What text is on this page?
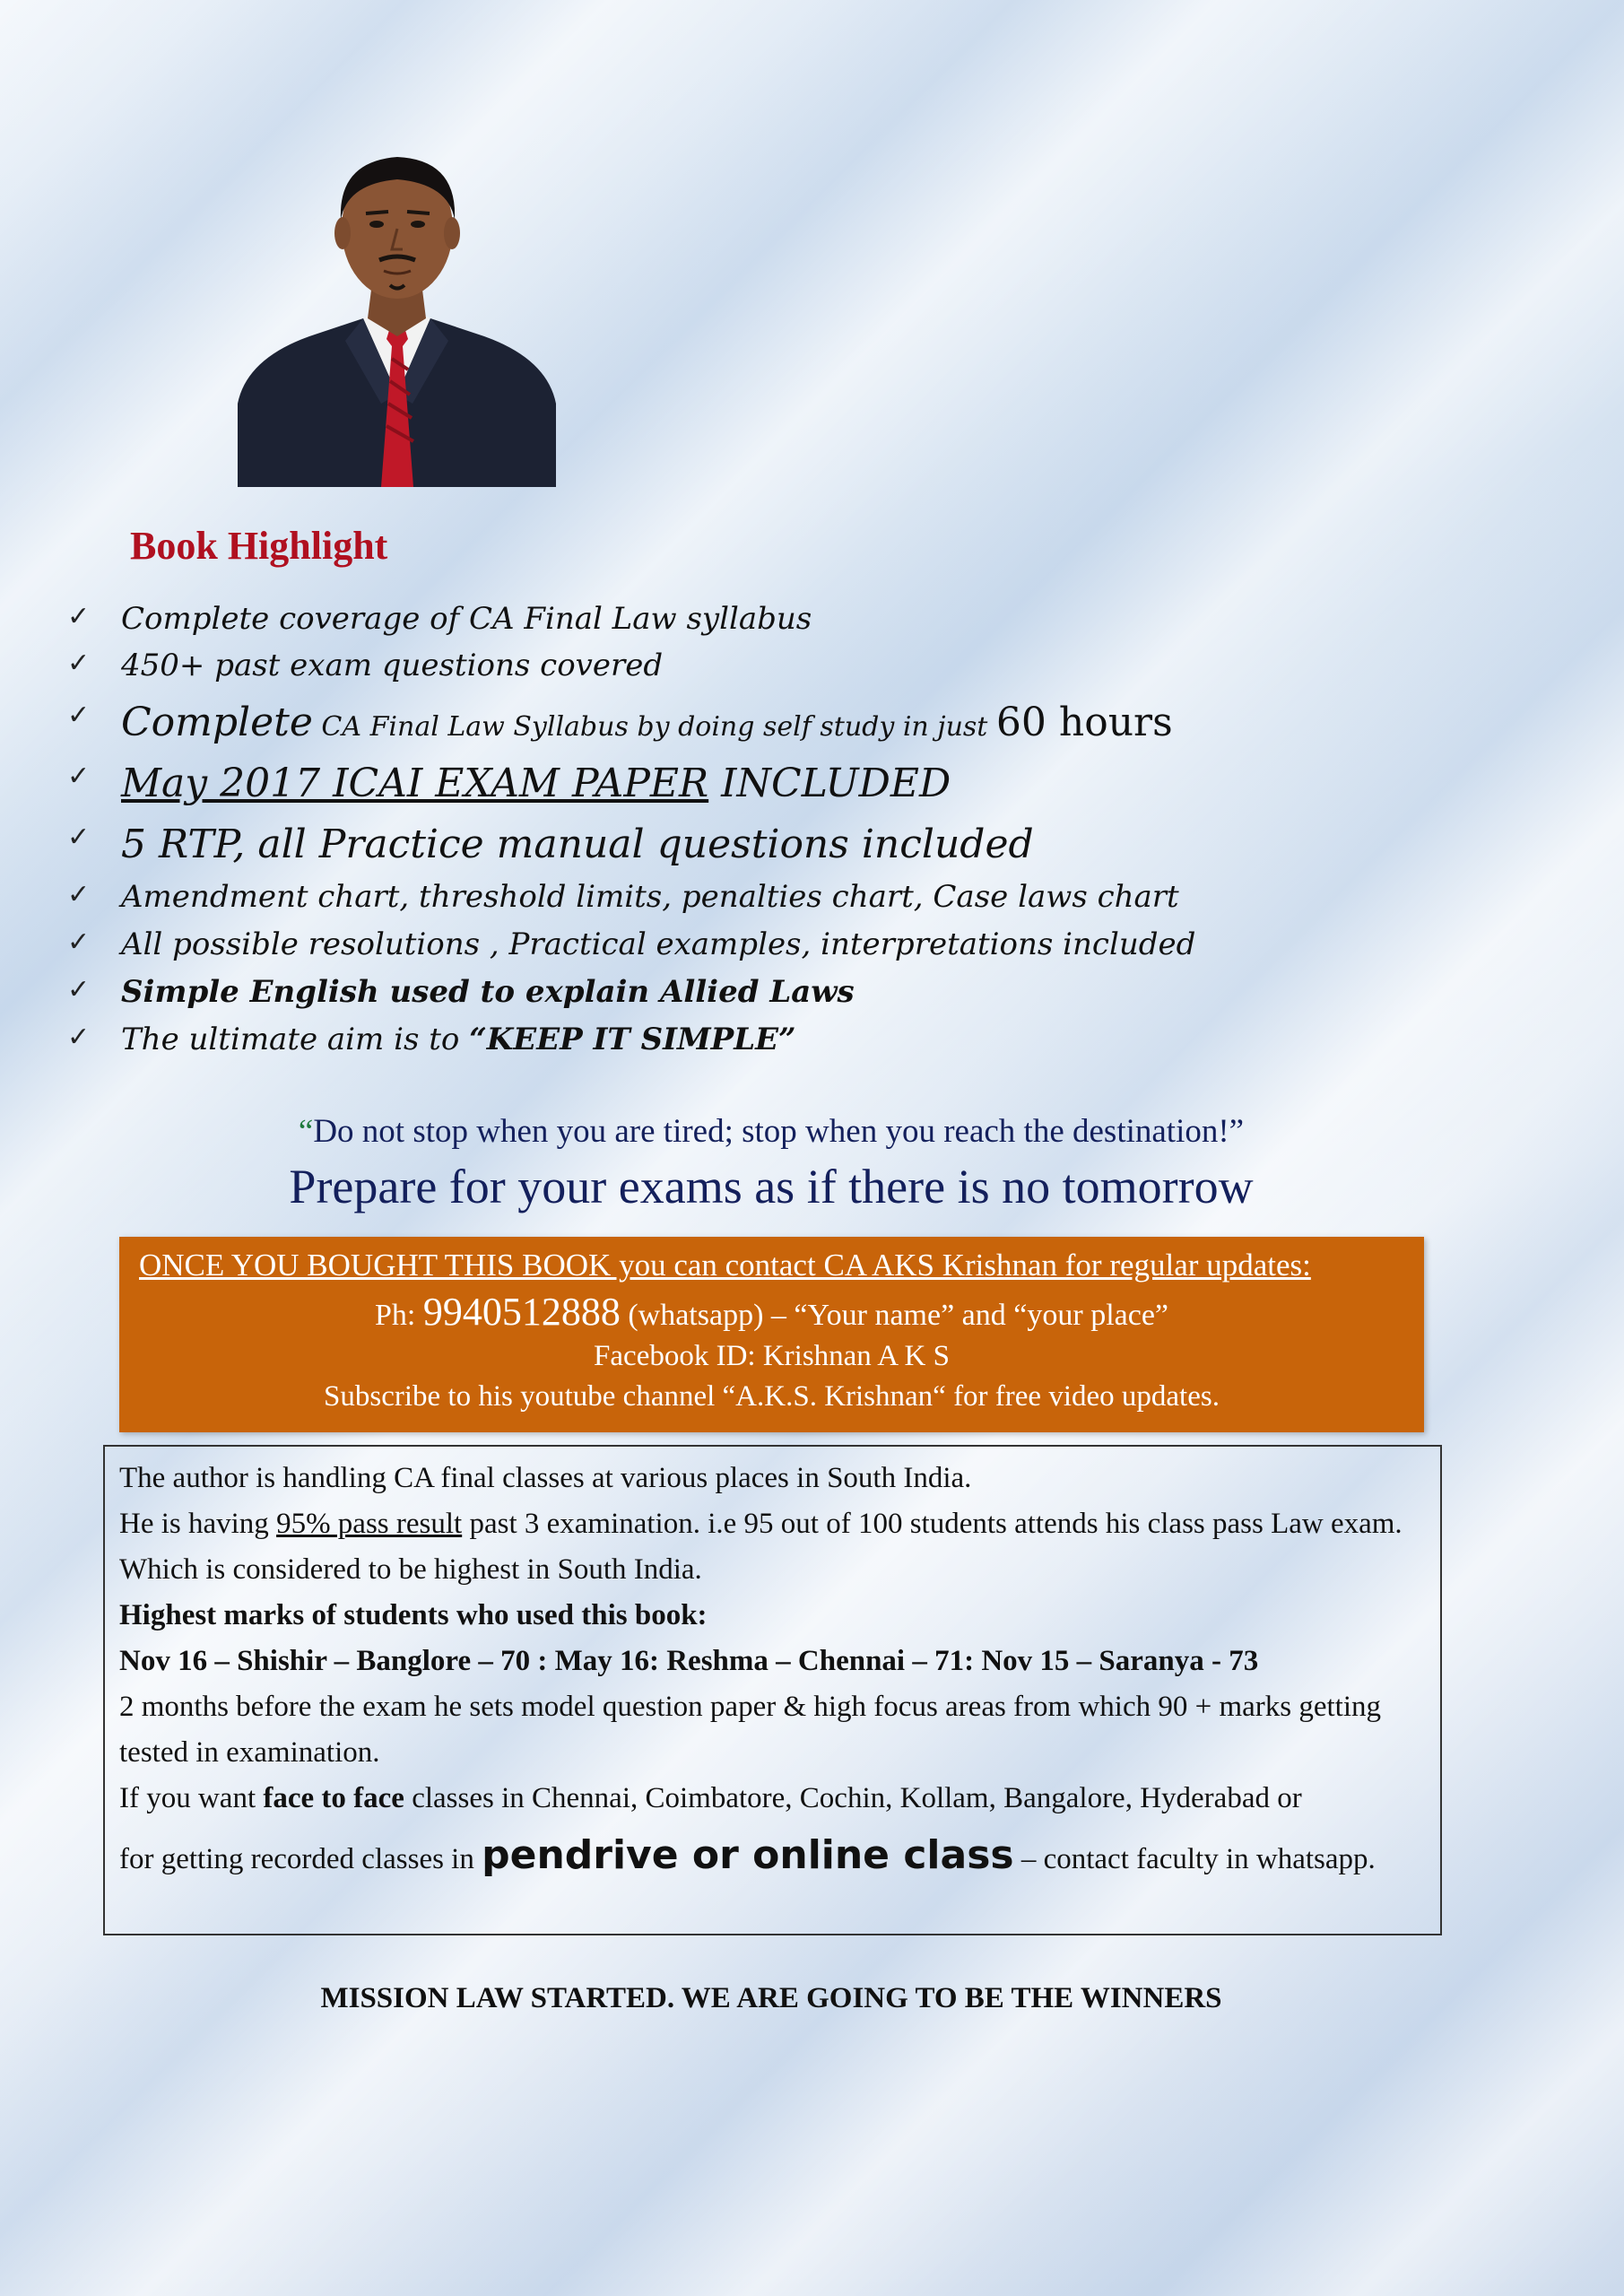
Book Highlight
✓ Complete coverage of CA Final Law syllabus
✓ 450+ past exam questions covered
✓ Complete CA Final Law Syllabus by doing self study in just 60 hours
✓ May 2017 ICAI EXAM PAPER INCLUDED
✓ 5 RTP, all Practice manual questions included
✓ Amendment chart, threshold limits, penalties chart, Case laws chart
✓ All possible resolutions , Practical examples, interpretations included
✓ Simple English used to explain Allied Laws
✓ The ultimate aim is to “KEEP IT SIMPLE”
“Do not stop when you are tired; stop when you reach the destination!”
Prepare for your exams as if there is no tomorrow
ONCE YOU BOUGHT THIS BOOK you can contact CA AKS Krishnan for regular updates:
Ph: 9940512888 (whatsapp) – “Your name” and “your place”
Facebook ID: Krishnan A K S
Subscribe to his youtube channel “A.K.S. Krishnan“ for free video updates.
The author is handling CA final classes at various places in South India.
He is having 95% pass result past 3 examination. i.e 95 out of 100 students attends his class pass Law exam. Which is considered to be highest in South India.
Highest marks of students who used this book:
Nov 16 – Shishir – Banglore – 70 : May 16: Reshma – Chennai – 71: Nov 15 – Saranya - 73
2 months before the exam he sets model question paper & high focus areas from which 90 + marks getting tested in examination.
If you want face to face classes in Chennai, Coimbatore, Cochin, Kollam, Bangalore, Hyderabad or
for getting recorded classes in pendrive or online class – contact faculty in whatsapp.
MISSION LAW STARTED. WE ARE GOING TO BE THE WINNERS
